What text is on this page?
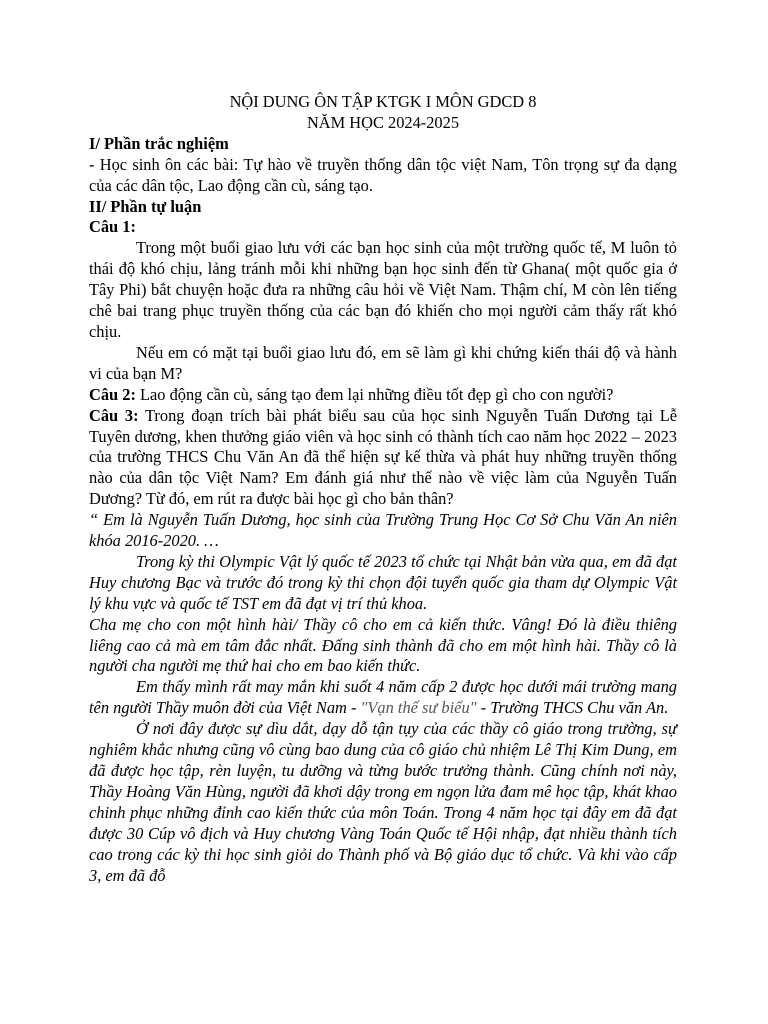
NỘI DUNG ÔN TẬP KTGK I MÔN GDCD 8

NĂM HỌC 2024-2025

I/ Phần trắc nghiệm

- Học sinh ôn các bài: Tự hào về truyền thống dân tộc việt Nam, Tôn trọng sự đa dạng của các dân tộc, Lao động cần cù, sáng tạo.

II/ Phần tự luận

Câu 1:

Trong một buổi giao lưu với các bạn học sinh của một trường quốc tế, M luôn tỏ thái độ khó chịu, lảng tránh mỗi khi những bạn học sinh đến từ Ghana( một quốc gia ở Tây Phi) bắt chuyện hoặc đưa ra những câu hỏi về Việt Nam. Thậm chí, M còn lên tiếng chê bai trang phục truyền thống của các bạn đó khiến cho mọi người cảm thấy rất khó chịu.

Nếu em có mặt tại buổi giao lưu đó, em sẽ làm gì khi chứng kiến thái độ và hành vi của bạn M?

Câu 2: Lao động cần cù, sáng tạo đem lại những điều tốt đẹp gì cho con người?

Câu 3: Trong đoạn trích bài phát biểu sau của học sinh Nguyễn Tuấn Dương tại Lễ Tuyên dương, khen thưởng giáo viên và học sinh có thành tích cao năm học 2022 – 2023 của trường THCS Chu Văn An đã thể hiện sự kế thừa và phát huy những truyền thống nào của dân tộc Việt Nam? Em đánh giá như thế nào về việc làm của Nguyễn Tuấn Dương? Từ đó, em rút ra được bài học gì cho bản thân?

“ Em là Nguyễn Tuấn Dương, học sinh của Trường Trung Học Cơ Sở Chu Văn An niên khóa 2016-2020. …

Trong kỳ thi Olympic Vật lý quốc tế 2023 tổ chức tại Nhật bản vừa qua, em đã đạt Huy chương Bạc và trước đó trong kỳ thi chọn đội tuyển quốc gia tham dự Olympic Vật lý khu vực và quốc tế TST em đã đạt vị trí thủ khoa.

Cha mẹ cho con một hình hài/ Thầy cô cho em cả kiến thức. Vâng! Đó là điều thiêng liêng cao cả mà em tâm đắc nhất. Đấng sinh thành đã cho em một hình hài. Thầy cô là người cha người mẹ thứ hai cho em bao kiến thức.

Em thấy mình rất may mắn khi suốt 4 năm cấp 2 được học dưới mái trường mang tên người Thầy muôn đời của Việt Nam - "Vạn thế sư biểu" - Trường THCS Chu văn An.

Ở nơi đây được sự dìu dắt, dạy dỗ tận tụy của các thầy cô giáo trong trường, sự nghiêm khắc nhưng cũng vô cùng bao dung của cô giáo chủ nhiệm Lê Thị Kim Dung, em đã được học tập, rèn luyện, tu dưỡng và từng bước trưởng thành. Cũng chính nơi này, Thầy Hoàng Văn Hùng, người đã khơi dậy trong em ngọn lửa đam mê học tập, khát khao chinh phục những đỉnh cao kiến thức của môn Toán. Trong 4 năm học tại đây em đã đạt được 30 Cúp vô địch và Huy chương Vàng Toán Quốc tế Hội nhập, đạt nhiều thành tích cao trong các kỳ thi học sinh giỏi do Thành phố và Bộ giáo dục tổ chức. Và khi vào cấp 3, em đã đỗ
